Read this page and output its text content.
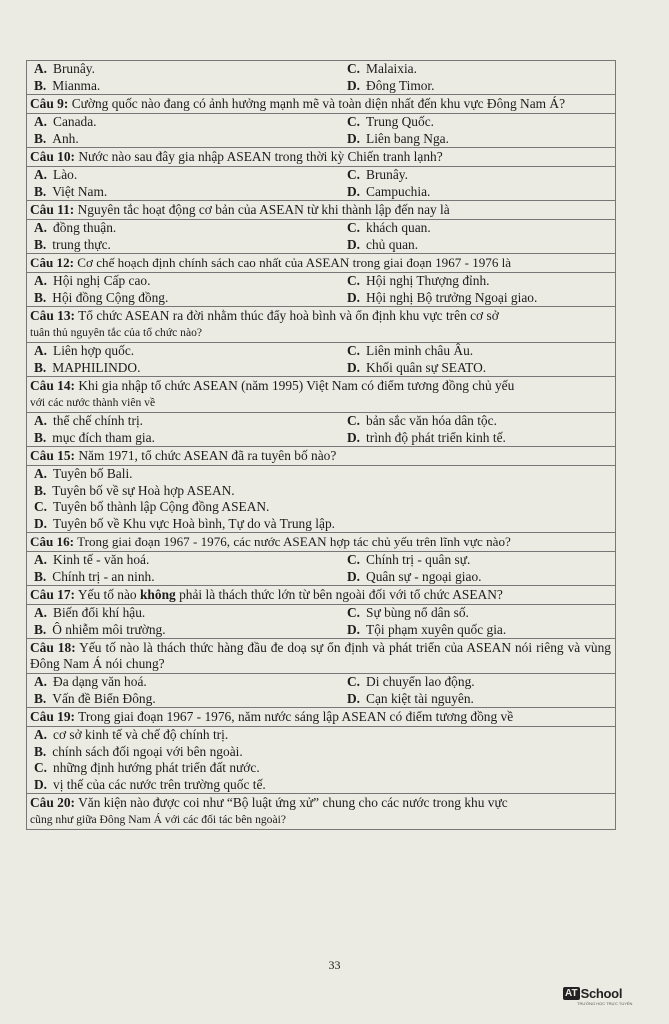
A. Brunây.	C. Malaixia.
B. Mianma.	D. Đông Timor.
Câu 9: Cường quốc nào đang có ảnh hưởng mạnh mẽ và toàn diện nhất đến khu vực Đông Nam Á?
A. Canada.	C. Trung Quốc.
B. Anh.	D. Liên bang Nga.
Câu 10: Nước nào sau đây gia nhập ASEAN trong thời kỳ Chiến tranh lạnh?
A. Lào.	C. Brunây.
B. Việt Nam.	D. Campuchia.
Câu 11: Nguyên tắc hoạt động cơ bản của ASEAN từ khi thành lập đến nay là
A. đồng thuận.	C. khách quan.
B. trung thực.	D. chủ quan.
Câu 12: Cơ chế hoạch định chính sách cao nhất của ASEAN trong giai đoạn 1967 - 1976 là
A. Hội nghị Cấp cao.	C. Hội nghị Thượng đỉnh.
B. Hội đồng Cộng đồng.	D. Hội nghị Bộ trưởng Ngoại giao.
Câu 13: Tổ chức ASEAN ra đời nhằm thúc đẩy hoà bình và ổn định khu vực trên cơ sở
tuân thủ nguyên tắc của tổ chức nào?
A. Liên hợp quốc.	C. Liên minh châu Âu.
B. MAPHILINDO.	D. Khối quân sự SEATO.
Câu 14: Khi gia nhập tổ chức ASEAN (năm 1995) Việt Nam có điểm tương đồng chủ yếu
với các nước thành viên về
A. thể chế chính trị.	C. bản sắc văn hóa dân tộc.
B. mục đích tham gia.	D. trình độ phát triển kinh tế.
Câu 15: Năm 1971, tổ chức ASEAN đã ra tuyên bố nào?
A. Tuyên bố Bali.
B. Tuyên bố về sự Hoà hợp ASEAN.
C. Tuyên bố thành lập Cộng đồng ASEAN.
D. Tuyên bố về Khu vực Hoà bình, Tự do và Trung lập.
Câu 16: Trong giai đoạn 1967 - 1976, các nước ASEAN hợp tác chủ yếu trên lĩnh vực nào?
A. Kinh tế - văn hoá.	C. Chính trị - quân sự.
B. Chính trị - an ninh.	D. Quân sự - ngoại giao.
Câu 17: Yếu tố nào không phải là thách thức lớn từ bên ngoài đối với tổ chức ASEAN?
A. Biến đổi khí hậu.	C. Sự bùng nổ dân số.
B. Ô nhiễm môi trường.	D. Tội phạm xuyên quốc gia.
Câu 18: Yếu tố nào là thách thức hàng đầu đe doạ sự ổn định và phát triển của ASEAN nói riêng và vùng Đông Nam Á nói chung?
A. Đa dạng văn hoá.	C. Di chuyển lao động.
B. Vấn đề Biển Đông.	D. Cạn kiệt tài nguyên.
Câu 19: Trong giai đoạn 1967 - 1976, năm nước sáng lập ASEAN có điểm tương đồng về
A. cơ sở kinh tế và chế độ chính trị.
B. chính sách đối ngoại với bên ngoài.
C. những định hướng phát triển đất nước.
D. vị thế của các nước trên trường quốc tế.
Câu 20: Văn kiện nào được coi như “Bộ luật ứng xử” chung cho các nước trong khu vực
cũng như giữa Đông Nam Á với các đối tác bên ngoài?
33
AT School
TRƯỜNG HỌC TRỰC TUYẾN
